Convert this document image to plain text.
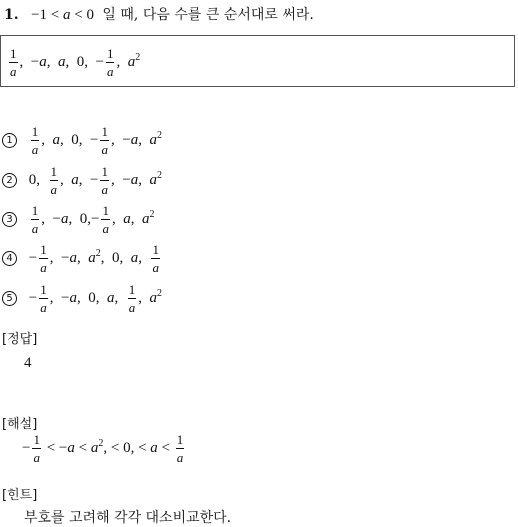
1. −1 < a < 0 일 때, 다음 수를 큰 순서대로 써라.
$\frac{1}{a}$ ,  −a,  a,  0,  − $\frac{1}{a}$ ,  $a^2$
$1 \frac{1}{a}$ ,  a,  0,  − $\frac{1}{a}$ ,  −a,  $a^2$
2 0, $\frac{1}{a}$ ,  a,  − $\frac{1}{a}$ ,  −a,  $a^2$
$3 \frac{1}{a}$ ,  −a,  $0,- \frac{1}{a}$ ,  a,  $a^2$
$4 - \frac{1}{a}$ ,  −a,  $a^2$,  0,  a, $\frac{1}{a}$
$5 - \frac{1}{a}$ ,  −a,  0,  a, $\frac{1}{a}$ ,  $a^2$
[정답]
4
[해설]
− $\frac{1}{a} < -a < a^2$, < 0, < $a < \frac{1}{a}$
[힌트]
부호를 고려해 각각 대소비교한다.
